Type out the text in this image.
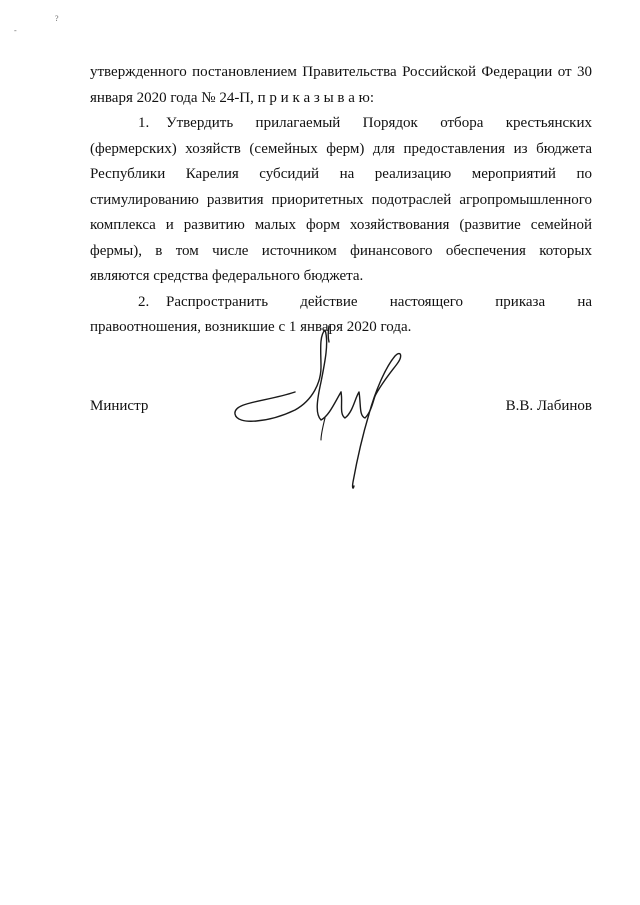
-
?
утвержденного постановлением Правительства Российской Федерации от 30
января 2020 года № 24-П, п р и к а з ы в а ю:
1.	Утвердить прилагаемый Порядок отбора крестьянских
(фермерских) хозяйств (семейных ферм) для предоставления из бюджета
Республики Карелия субсидий на реализацию мероприятий по
стимулированию развития приоритетных подотраслей агропромышленного
комплекса и развитию малых форм хозяйствования (развитие семейной
фермы), в том числе источником финансового обеспечения которых
являются средства федерального бюджета.
2.	Распространить действие настоящего приказа на
правоотношения, возникшие с 1 января 2020 года.
Министр	В.В. Лабинов
